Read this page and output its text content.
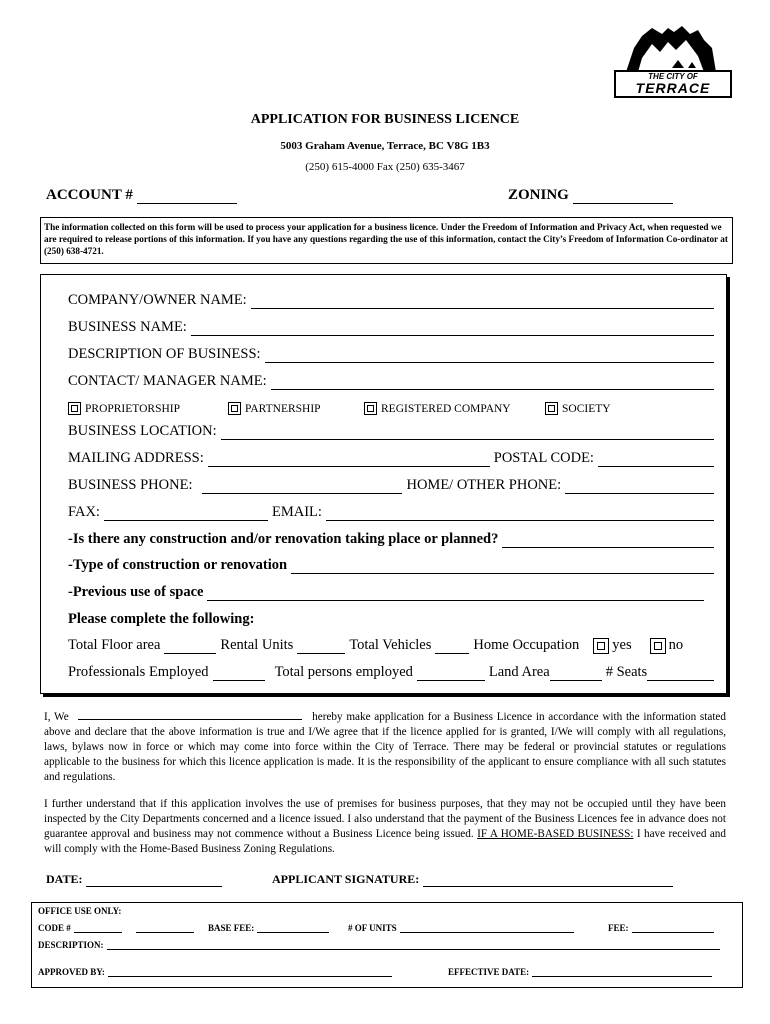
THE CITY OF
TERRACE
APPLICATION FOR BUSINESS LICENCE
5003 Graham Avenue, Terrace, BC V8G 1B3
(250) 615-4000 Fax (250) 635-3467
ACCOUNT #	ZONING
The information collected on this form will be used to process your application for a business licence. Under the Freedom of Information and Privacy Act, when requested we are required to release portions of this information. If you have any questions regarding the use of this information, contact the City’s Freedom of Information Co-ordinator at (250) 638-4721.
COMPANY/OWNER NAME:
BUSINESS NAME:
DESCRIPTION OF BUSINESS:
CONTACT/ MANAGER NAME:
PROPRIETORSHIP	PARTNERSHIP	REGISTERED COMPANY	SOCIETY
BUSINESS LOCATION:
MAILING ADDRESS:	POSTAL CODE:
BUSINESS PHONE:	HOME/ OTHER PHONE:
FAX:	EMAIL:
-Is there any construction and/or renovation taking place or planned?
-Type of construction or renovation
-Previous use of space
Please complete the following:
Total Floor area	Rental Units	Total Vehicles	Home Occupation yes	no
Professionals Employed	Total persons employed	Land Area	# Seats
I, We	hereby make application for a Business Licence in accordance with the information stated above and declare that the above information is true and I/We agree that if the licence applied for is granted, I/We will comply with all regulations, laws, bylaws now in force or which may come into force within the City of Terrace. There may be federal or provincial statutes or regulations applicable to the business for which this licence application is made. It is the responsibility of the applicant to ensure compliance with all such statutes and regulations.
I further understand that if this application involves the use of premises for business purposes, that they may not be occupied until they have been inspected by the City Departments concerned and a licence issued. I also understand that the payment of the Business Licences fee in advance does not guarantee approval and business may not commence without a Business Licence being issued. IF A HOME-BASED BUSINESS: I have received and will comply with the Home-Based Business Zoning Regulations.
DATE:	APPLICANT SIGNATURE:
OFFICE USE ONLY:
CODE #	BASE FEE:	# OF UNITS	FEE:
DESCRIPTION:
APPROVED BY:	EFFECTIVE DATE:
